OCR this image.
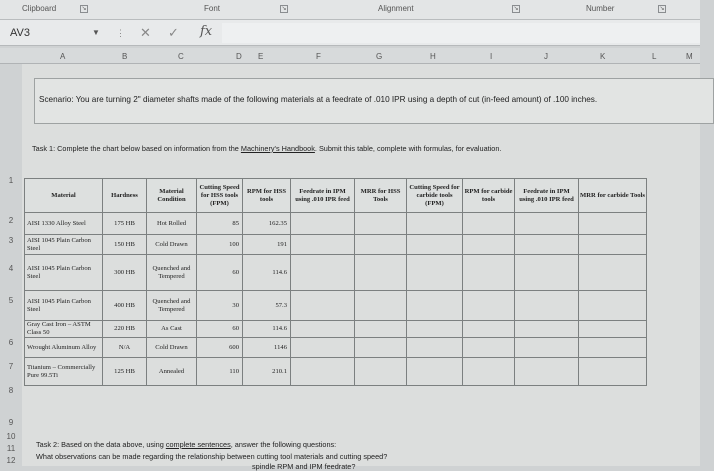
Clipboard	↘	Font	↘	Alignment	↘	Number	↘
AV3	▼ ⋮ ✕ ✓ fx
A	B	C	D E	F	G	H	I	J	K	L	M
1
2
3
4
5
6
7
8
9
10
11
12

Scenario: You are turning 2" diameter shafts made of the following materials at a feedrate of .010 IPR using a depth of cut (in-feed amount) of .100 inches.

Task 1: Complete the chart below based on information from the Machinery's Handbook. Submit this table, complete with formulas, for evaluation.
Material	Hardness	Material Condition	Cutting Speed for HSS tools (FPM)	RPM for HSS tools	Feedrate in IPM using .010 IPR feed	MRR for HSS Tools	Cutting Speed for carbide tools (FPM)	RPM for carbide tools	Feedrate in IPM using .010 IPR feed	MRR for carbide Tools
AISI 1330 Alloy Steel	175 HB	Hot Rolled	85	162.35						
AISI 1045 Plain Carbon Steel	150 HB	Cold Drawn	100	191						
AISI 1045 Plain Carbon Steel	300 HB	Quenched and Tempered	60	114.6						
AISI 1045 Plain Carbon Steel	400 HB	Quenched and Tempered	30	57.3						
Gray Cast Iron – ASTM Class 50	220 HB	As Cast	60	114.6						
Wrought Aluminum Alloy	N/A	Cold Drawn	600	1146						
Titanium – Commercially Pure 99.5Ti	125 HB	Annealed	110	210.1						
Task 2: Based on the data above, using complete sentences, answer the following questions:
What observations can be made regarding the relationship between cutting tool materials and cutting speed?
spindle RPM and IPM feedrate?
